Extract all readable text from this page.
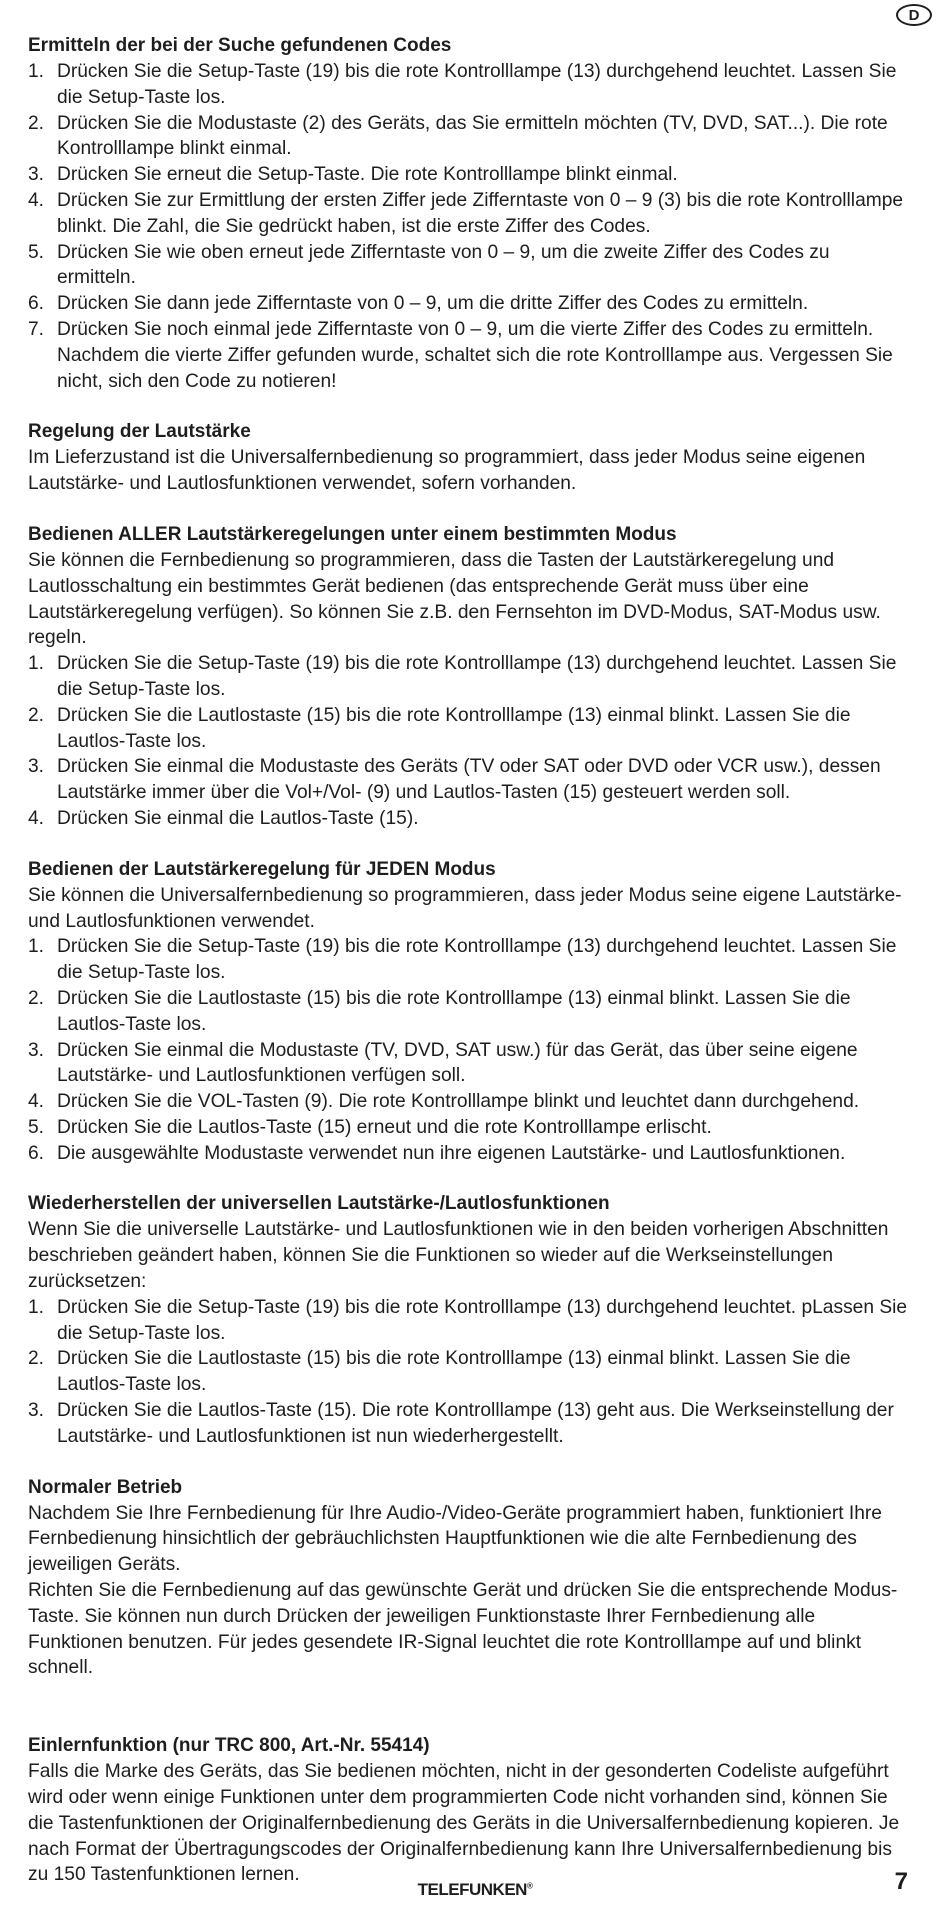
D

Ermitteln der bei der Suche gefundenen Codes

1. Drücken Sie die Setup-Taste (19) bis die rote Kontrolllampe (13) durchgehend leuchtet. Lassen Sie die Setup-Taste los.
2. Drücken Sie die Modustaste (2) des Geräts, das Sie ermitteln möchten (TV, DVD, SAT...). Die rote Kontrolllampe blinkt einmal.
3. Drücken Sie erneut die Setup-Taste. Die rote Kontrolllampe blinkt einmal.
4. Drücken Sie zur Ermittlung der ersten Ziffer jede Zifferntaste von 0 – 9 (3) bis die rote Kontrolllampe blinkt. Die Zahl, die Sie gedrückt haben, ist die erste Ziffer des Codes.
5. Drücken Sie wie oben erneut jede Zifferntaste von 0 – 9, um die zweite Ziffer des Codes zu ermitteln.
6. Drücken Sie dann jede Zifferntaste von 0 – 9, um die dritte Ziffer des Codes zu ermitteln.
7. Drücken Sie noch einmal jede Zifferntaste von 0 – 9, um die vierte Ziffer des Codes zu ermitteln. Nachdem die vierte Ziffer gefunden wurde, schaltet sich die rote Kontrolllampe aus. Vergessen Sie nicht, sich den Code zu notieren!

Regelung der Lautstärke

Im Lieferzustand ist die Universalfernbedienung so programmiert, dass jeder Modus seine eigenen Lautstärke- und Lautlosfunktionen verwendet, sofern vorhanden.

Bedienen ALLER Lautstärkeregelungen unter einem bestimmten Modus

Sie können die Fernbedienung so programmieren, dass die Tasten der Lautstärkeregelung und Lautlosschaltung ein bestimmtes Gerät bedienen (das entsprechende Gerät muss über eine Lautstärkeregelung verfügen). So können Sie z.B. den Fernsehton im DVD-Modus, SAT-Modus usw. regeln.

1. Drücken Sie die Setup-Taste (19) bis die rote Kontrolllampe (13) durchgehend leuchtet. Lassen Sie die Setup-Taste los.
2. Drücken Sie die Lautlostaste (15) bis die rote Kontrolllampe (13) einmal blinkt. Lassen Sie die Lautlos-Taste los.
3. Drücken Sie einmal die Modustaste des Geräts (TV oder SAT oder DVD oder VCR usw.), dessen Lautstärke immer über die Vol+/Vol- (9) und Lautlos-Tasten (15) gesteuert werden soll.
4. Drücken Sie einmal die Lautlos-Taste (15).

Bedienen der Lautstärkeregelung für JEDEN Modus

Sie können die Universalfernbedienung so programmieren, dass jeder Modus seine eigene Lautstärke- und Lautlosfunktionen verwendet.

1. Drücken Sie die Setup-Taste (19) bis die rote Kontrolllampe (13) durchgehend leuchtet. Lassen Sie die Setup-Taste los.
2. Drücken Sie die Lautlostaste (15) bis die rote Kontrolllampe (13) einmal blinkt. Lassen Sie die Lautlos-Taste los.
3. Drücken Sie einmal die Modustaste (TV, DVD, SAT usw.) für das Gerät, das über seine eigene Lautstärke- und Lautlosfunktionen verfügen soll.
4. Drücken Sie die VOL-Tasten (9). Die rote Kontrolllampe blinkt und leuchtet dann durchgehend.
5. Drücken Sie die Lautlos-Taste (15) erneut und die rote Kontrolllampe erlischt.
6. Die ausgewählte Modustaste verwendet nun ihre eigenen Lautstärke- und Lautlosfunktionen.

Wiederherstellen der universellen Lautstärke-/Lautlosfunktionen

Wenn Sie die universelle Lautstärke- und Lautlosfunktionen wie in den beiden vorherigen Abschnitten beschrieben geändert haben, können Sie die Funktionen so wieder auf die Werkseinstellungen zurücksetzen:

1. Drücken Sie die Setup-Taste (19) bis die rote Kontrolllampe (13) durchgehend leuchtet. pLassen Sie die Setup-Taste los.
2. Drücken Sie die Lautlostaste (15) bis die rote Kontrolllampe (13) einmal blinkt. Lassen Sie die Lautlos-Taste los.
3. Drücken Sie die Lautlos-Taste (15). Die rote Kontrolllampe (13) geht aus. Die Werkseinstellung der Lautstärke- und Lautlosfunktionen ist nun wiederhergestellt.

Normaler Betrieb

Nachdem Sie Ihre Fernbedienung für Ihre Audio-/Video-Geräte programmiert haben, funktioniert Ihre Fernbedienung hinsichtlich der gebräuchlichsten Hauptfunktionen wie die alte Fernbedienung des jeweiligen Geräts.

Richten Sie die Fernbedienung auf das gewünschte Gerät und drücken Sie die entsprechende Modus-Taste. Sie können nun durch Drücken der jeweiligen Funktionstaste Ihrer Fernbedienung alle Funktionen benutzen. Für jedes gesendete IR-Signal leuchtet die rote Kontrolllampe auf und blinkt schnell.

Einlernfunktion (nur TRC 800, Art.-Nr. 55414)

Falls die Marke des Geräts, das Sie bedienen möchten, nicht in der gesonderten Codeliste aufgeführt wird oder wenn einige Funktionen unter dem programmierten Code nicht vorhanden sind, können Sie die Tastenfunktionen der Originalfernbedienung des Geräts in die Universalfernbedienung kopieren. Je nach Format der Übertragungscodes der Originalfernbedienung kann Ihre Universalfernbedienung bis zu 150 Tastenfunktionen lernen.

TELEFUNKEN®	7
